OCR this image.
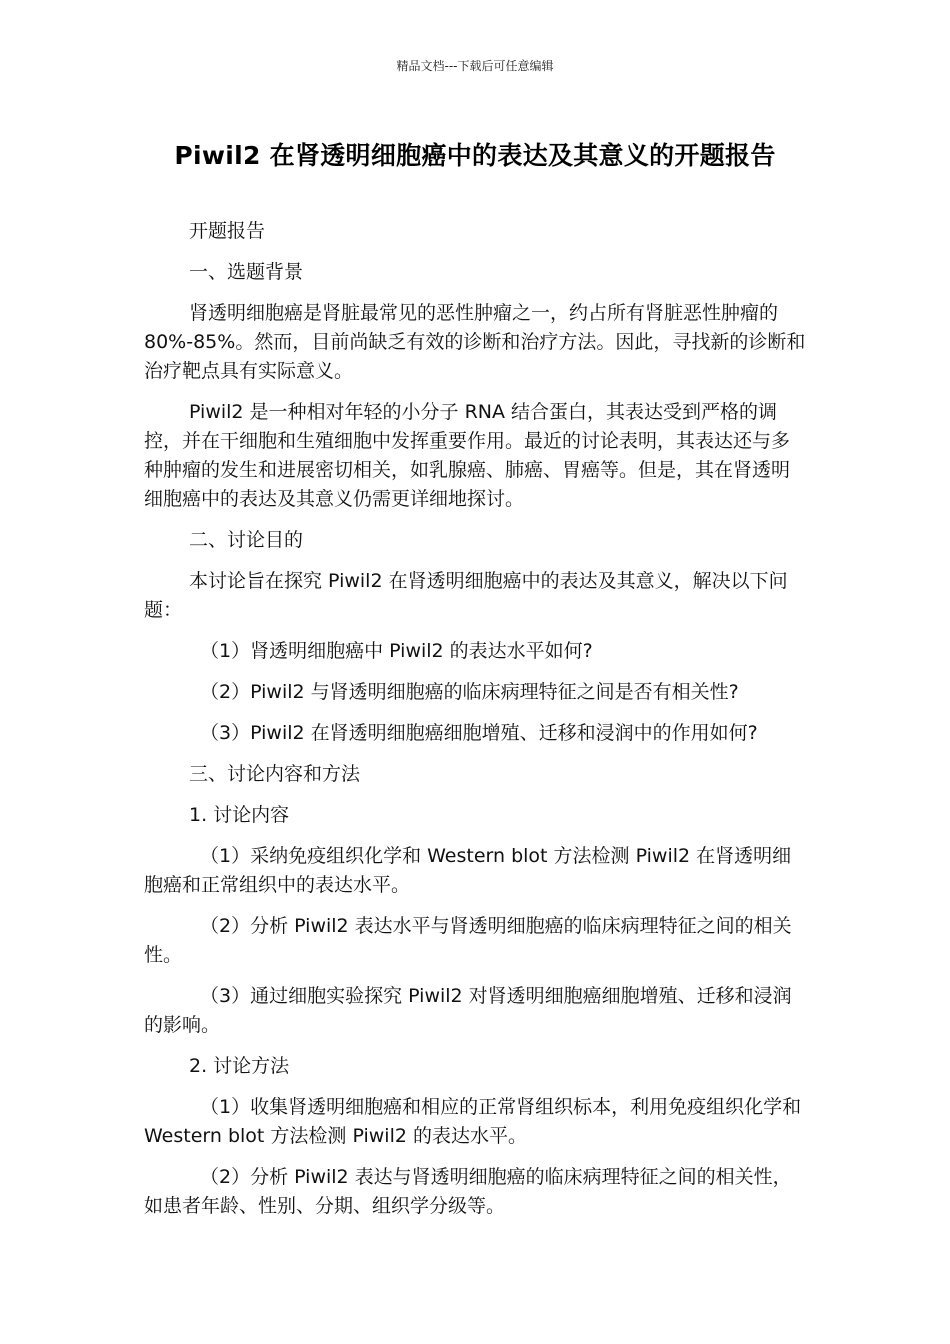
精品文档---下载后可任意编辑
Piwil2 在肾透明细胞癌中的表达及其意义的开题报告

开题报告

一、选题背景

肾透明细胞癌是肾脏最常见的恶性肿瘤之一，约占所有肾脏恶性肿瘤的 80%-85%。然而，目前尚缺乏有效的诊断和治疗方法。因此，寻找新的诊断和治疗靶点具有实际意义。

Piwil2 是一种相对年轻的小分子 RNA 结合蛋白，其表达受到严格的调控，并在干细胞和生殖细胞中发挥重要作用。最近的讨论表明，其表达还与多种肿瘤的发生和进展密切相关，如乳腺癌、肺癌、胃癌等。但是，其在肾透明细胞癌中的表达及其意义仍需更详细地探讨。

二、讨论目的

本讨论旨在探究 Piwil2 在肾透明细胞癌中的表达及其意义，解决以下问题：

（1）肾透明细胞癌中 Piwil2 的表达水平如何?

（2）Piwil2 与肾透明细胞癌的临床病理特征之间是否有相关性?

（3）Piwil2 在肾透明细胞癌细胞增殖、迁移和浸润中的作用如何?

三、讨论内容和方法

1. 讨论内容

（1）采纳免疫组织化学和 Western blot 方法检测 Piwil2 在肾透明细胞癌和正常组织中的表达水平。

（2）分析 Piwil2 表达水平与肾透明细胞癌的临床病理特征之间的相关性。

（3）通过细胞实验探究 Piwil2 对肾透明细胞癌细胞增殖、迁移和浸润的影响。

2. 讨论方法

（1）收集肾透明细胞癌和相应的正常肾组织标本，利用免疫组织化学和 Western blot 方法检测 Piwil2 的表达水平。

（2）分析 Piwil2 表达与肾透明细胞癌的临床病理特征之间的相关性，如患者年龄、性别、分期、组织学分级等。
